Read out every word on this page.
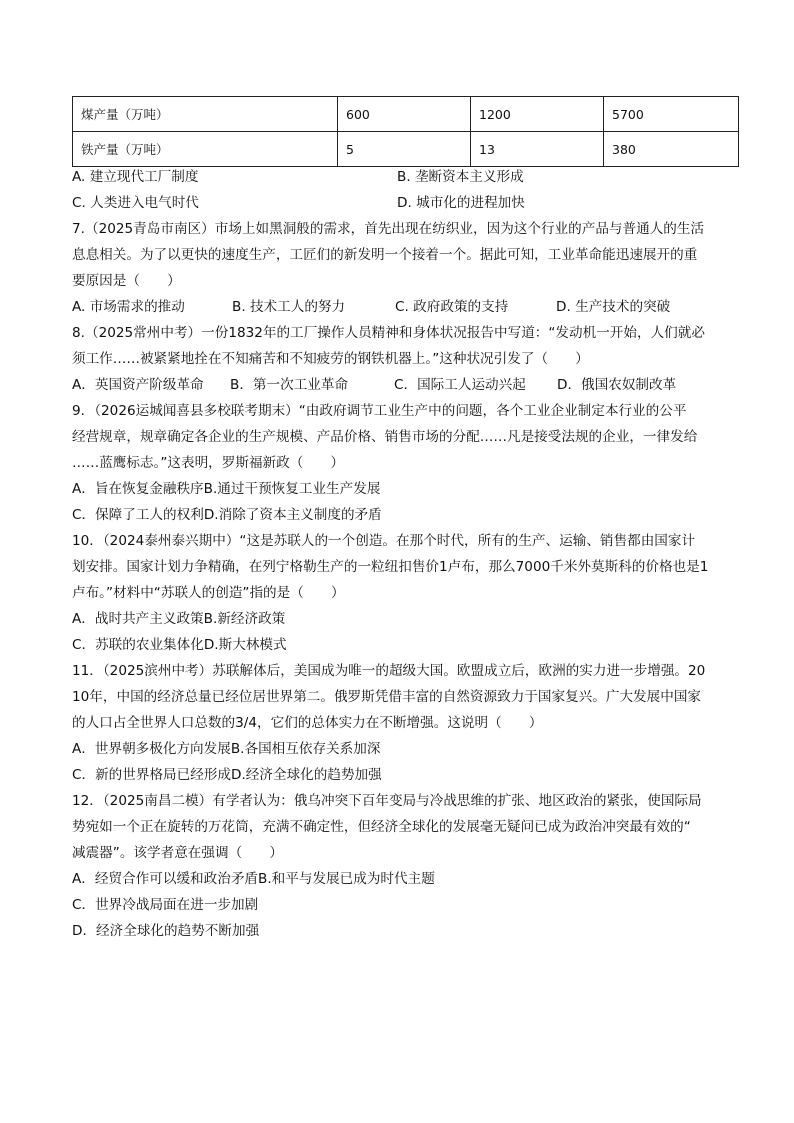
煤产量（万吨）	600	1200	5700
铁产量（万吨）	5	13	380
A. 建立现代工厂制度	B. 垄断资本主义形成
C. 人类进入电气时代	D. 城市化的进程加快
7.（2025青岛市南区）市场上如黑洞般的需求，首先出现在纺织业，因为这个行业的产品与普通人的生活
息息相关。为了以更快的速度生产，工匠们的新发明一个接着一个。据此可知，工业革命能迅速展开的重
要原因是（　　）
A. 市场需求的推动	B. 技术工人的努力	C. 政府政策的支持	D. 生产技术的突破
8.（2025常州中考）一份1832年的工厂操作人员精神和身体状况报告中写道：“发动机一开始，人们就必
须工作……被紧紧地拴在不知痛苦和不知疲劳的钢铁机器上。”这种状况引发了（　　）
A．英国资产阶级革命	B．第一次工业革命	C．国际工人运动兴起	D．俄国农奴制改革
9．（2026运城闻喜县多校联考期末）“由政府调节工业生产中的问题，各个工业企业制定本行业的公平
经营规章，规章确定各企业的生产规模、产品价格、销售市场的分配……凡是接受法规的企业，一律发给
……蓝鹰标志。”这表明，罗斯福新政（　　）
A．旨在恢复金融秩序B.通过干预恢复工业生产发展
C．保障了工人的权利D.消除了资本主义制度的矛盾
10．（2024泰州泰兴期中）“这是苏联人的一个创造。在那个时代，所有的生产、运输、销售都由国家计
划安排。国家计划力争精确，在列宁格勒生产的一粒纽扣售价1卢布，那么7000千米外莫斯科的价格也是1
卢布。”材料中“苏联人的创造”指的是（　　）
A．战时共产主义政策B.新经济政策
C．苏联的农业集体化D.斯大林模式
11．（2025滨州中考）苏联解体后，美国成为唯一的超级大国。欧盟成立后，欧洲的实力进一步增强。20
10年，中国的经济总量已经位居世界第二。俄罗斯凭借丰富的自然资源致力于国家复兴。广大发展中国家
的人口占全世界人口总数的3/4，它们的总体实力在不断增强。这说明（　　）
A．世界朝多极化方向发展B.各国相互依存关系加深
C．新的世界格局已经形成D.经济全球化的趋势加强
12．（2025南昌二模）有学者认为：俄乌冲突下百年变局与冷战思维的扩张、地区政治的紧张，使国际局
势宛如一个正在旋转的万花筒，充满不确定性，但经济全球化的发展毫无疑问已成为政治冲突最有效的“
减震器”。该学者意在强调（　　）
A．经贸合作可以缓和政治矛盾B.和平与发展已成为时代主题
C．世界冷战局面在进一步加剧
D．经济全球化的趋势不断加强
